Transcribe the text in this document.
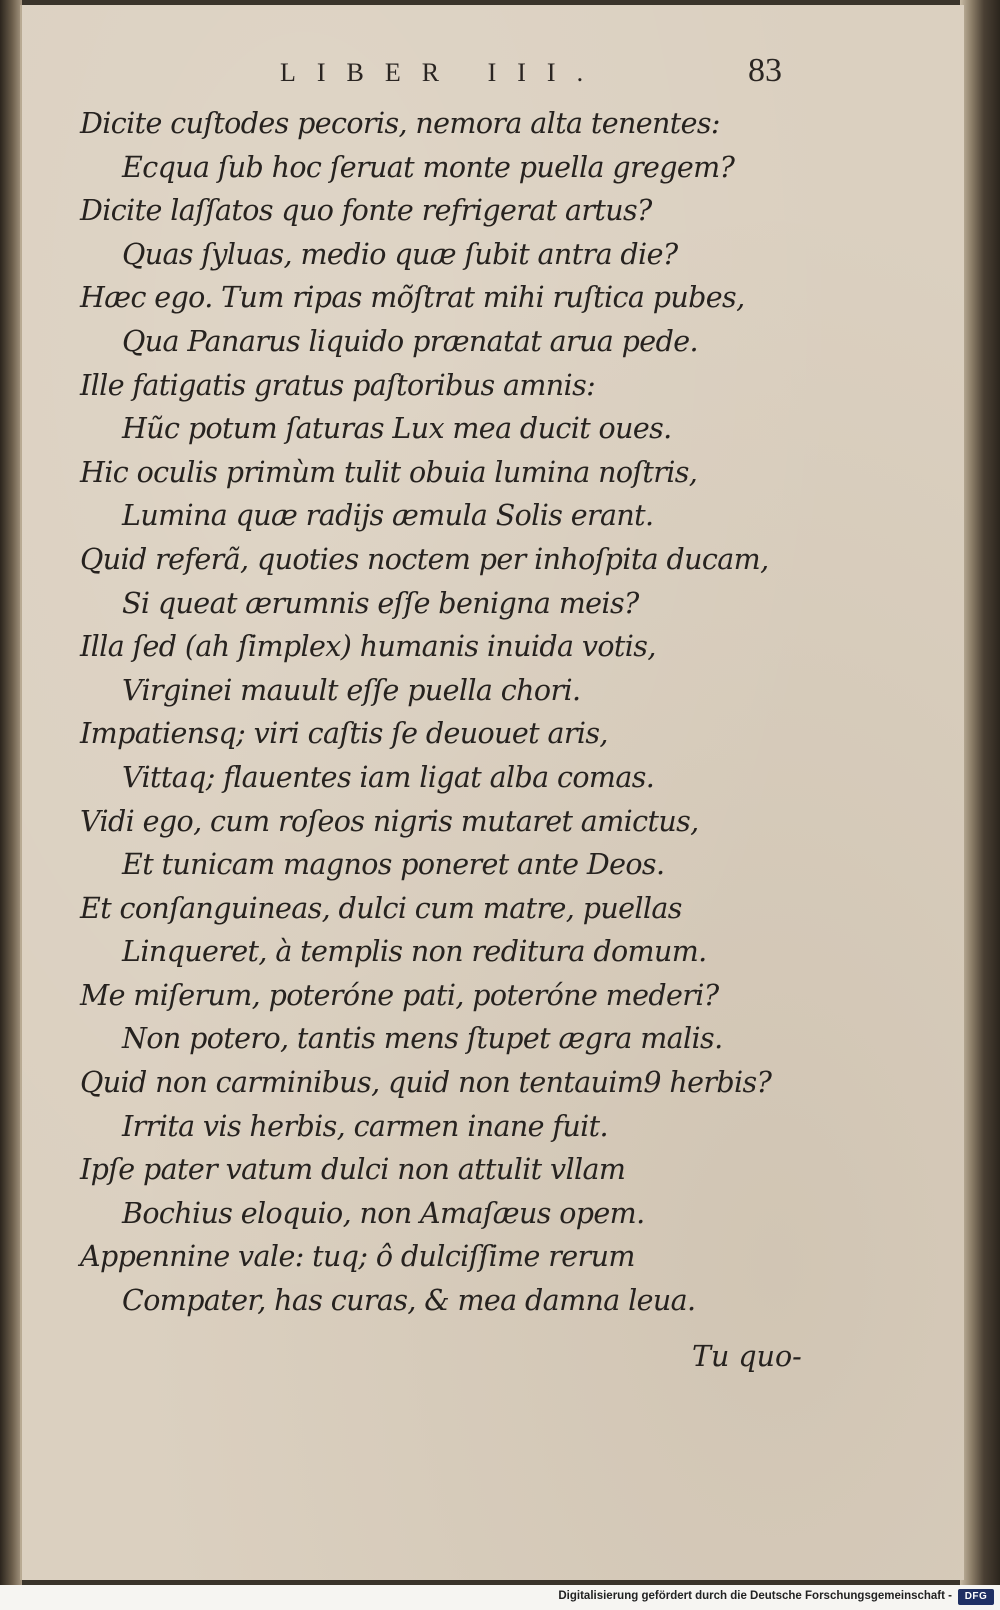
LIBER III.	83
Dicite cuſtodes pecoris, nemora alta tenentes:
Ecqua ſub hoc ſeruat monte puella gregem?
Dicite laſſatos quo fonte refrigerat artus?
Quas ſyluas, medio quæ ſubit antra die?
Hæc ego. Tum ripas mõſtrat mihi ruſtica pubes,
Qua Panarus liquido prænatat arua pede.
Ille fatigatis gratus paſtoribus amnis:
Hũc potum ſaturas Lux mea ducit oues.
Hic oculis primùm tulit obuia lumina noſtris,
Lumina quæ radijs æmula Solis erant.
Quid referã, quoties noctem per inhoſpita ducam,
Si queat ærumnis eſſe benigna meis?
Illa ſed (ah ſimplex) humanis inuida votis,
Virginei mauult eſſe puella chori.
Impatiensq; viri caſtis ſe deuouet aris,
Vittaq; flauentes iam ligat alba comas.
Vidi ego, cum roſeos nigris mutaret amictus,
Et tunicam magnos poneret ante Deos.
Et conſanguineas, dulci cum matre, puellas
Linqueret, à templis non reditura domum.
Me miſerum, poteróne pati, poteróne mederi?
Non potero, tantis mens ſtupet ægra malis.
Quid non carminibus, quid non tentauim9 herbis?
Irrita vis herbis, carmen inane fuit.
Ipſe pater vatum dulci non attulit vllam
Bochius eloquio, non Amaſæus opem.
Appennine vale: tuq; ô dulciſſime rerum
Compater, has curas, & mea damna leua.
Tu quo-
Digitalisierung gefördert durch die Deutsche Forschungsgemeinschaft -	DFG
